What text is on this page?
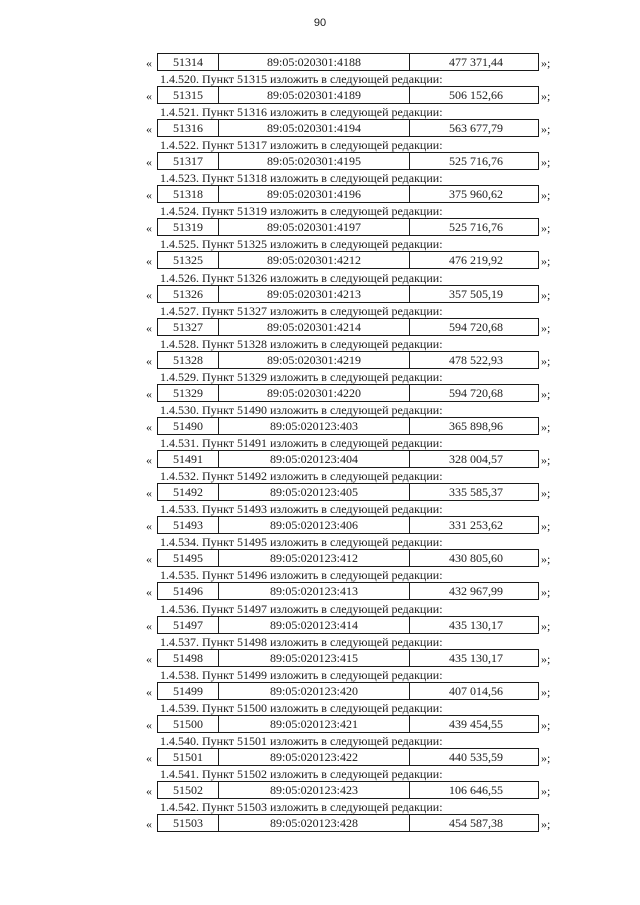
90
«	51314	89:05:020301:4188	477 371,44	»;
1.4.520. Пункт 51315 изложить в следующей редакции:
«	51315	89:05:020301:4189	506 152,66	»;
1.4.521. Пункт 51316 изложить в следующей редакции:
«	51316	89:05:020301:4194	563 677,79	»;
1.4.522. Пункт 51317 изложить в следующей редакции:
«	51317	89:05:020301:4195	525 716,76	»;
1.4.523. Пункт 51318 изложить в следующей редакции:
«	51318	89:05:020301:4196	375 960,62	»;
1.4.524. Пункт 51319 изложить в следующей редакции:
«	51319	89:05:020301:4197	525 716,76	»;
1.4.525. Пункт 51325 изложить в следующей редакции:
«	51325	89:05:020301:4212	476 219,92	»;
1.4.526. Пункт 51326 изложить в следующей редакции:
«	51326	89:05:020301:4213	357 505,19	»;
1.4.527. Пункт 51327 изложить в следующей редакции:
«	51327	89:05:020301:4214	594 720,68	»;
1.4.528. Пункт 51328 изложить в следующей редакции:
«	51328	89:05:020301:4219	478 522,93	»;
1.4.529. Пункт 51329 изложить в следующей редакции:
«	51329	89:05:020301:4220	594 720,68	»;
1.4.530. Пункт 51490 изложить в следующей редакции:
«	51490	89:05:020123:403	365 898,96	»;
1.4.531. Пункт 51491 изложить в следующей редакции:
«	51491	89:05:020123:404	328 004,57	»;
1.4.532. Пункт 51492 изложить в следующей редакции:
«	51492	89:05:020123:405	335 585,37	»;
1.4.533. Пункт 51493 изложить в следующей редакции:
«	51493	89:05:020123:406	331 253,62	»;
1.4.534. Пункт 51495 изложить в следующей редакции:
«	51495	89:05:020123:412	430 805,60	»;
1.4.535. Пункт 51496 изложить в следующей редакции:
«	51496	89:05:020123:413	432 967,99	»;
1.4.536. Пункт 51497 изложить в следующей редакции:
«	51497	89:05:020123:414	435 130,17	»;
1.4.537. Пункт 51498 изложить в следующей редакции:
«	51498	89:05:020123:415	435 130,17	»;
1.4.538. Пункт 51499 изложить в следующей редакции:
«	51499	89:05:020123:420	407 014,56	»;
1.4.539. Пункт 51500 изложить в следующей редакции:
«	51500	89:05:020123:421	439 454,55	»;
1.4.540. Пункт 51501 изложить в следующей редакции:
«	51501	89:05:020123:422	440 535,59	»;
1.4.541. Пункт 51502 изложить в следующей редакции:
«	51502	89:05:020123:423	106 646,55	»;
1.4.542. Пункт 51503 изложить в следующей редакции:
«	51503	89:05:020123:428	454 587,38	»;
